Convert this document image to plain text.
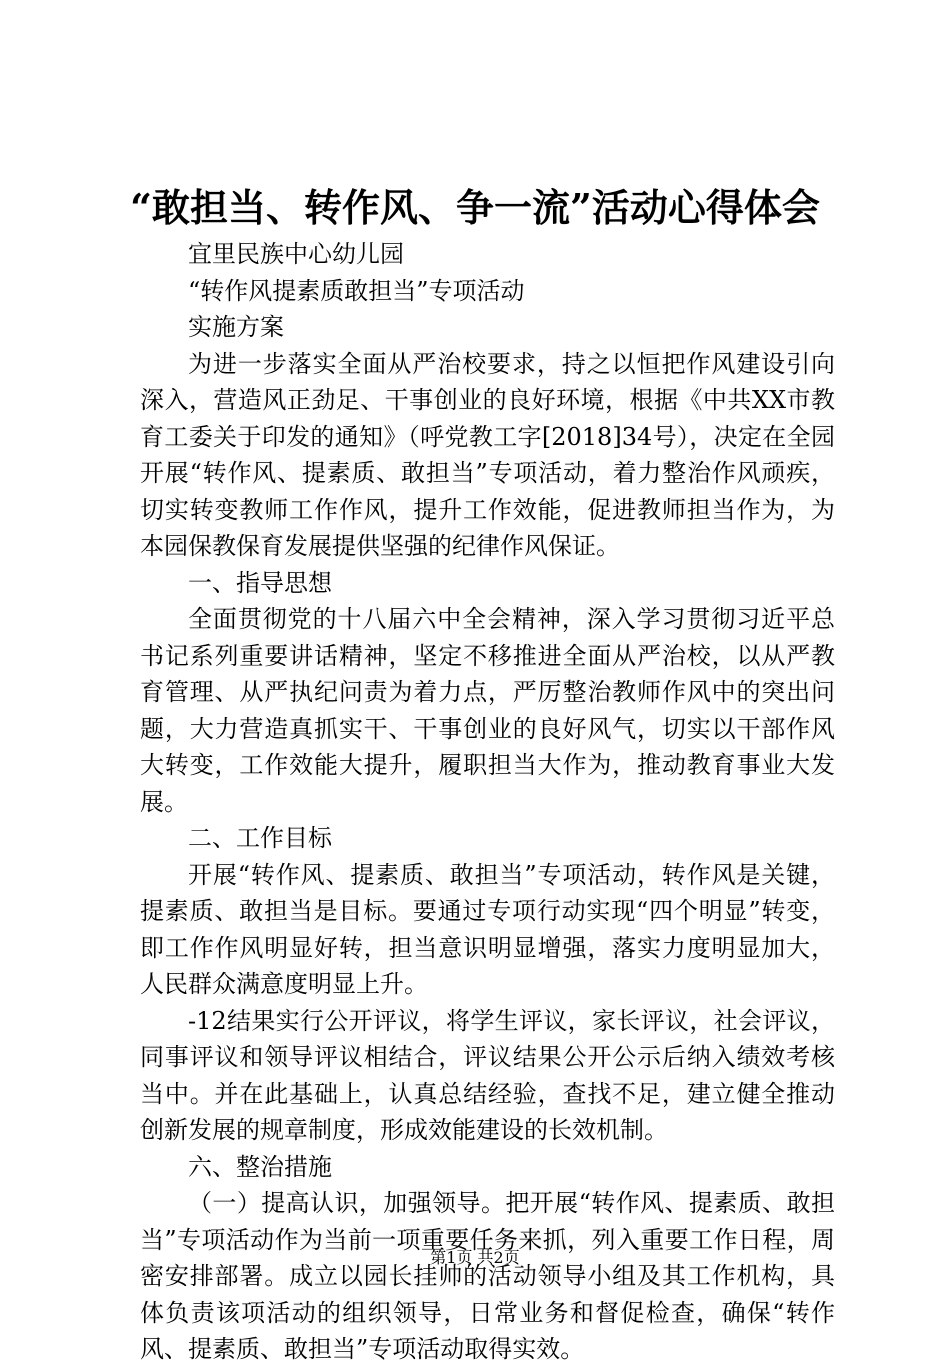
“敢担当、转作风、争一流”活动心得体会

宜里民族中心幼儿园

“转作风提素质敢担当”专项活动

实施方案

为进一步落实全面从严治校要求，持之以恒把作风建设引向深入，营造风正劲足、干事创业的良好环境，根据《中共XX市教育工委关于印发的通知》（呼党教工字[2018]34号），决定在全园开展“转作风、提素质、敢担当”专项活动，着力整治作风顽疾，切实转变教师工作作风，提升工作效能，促进教师担当作为，为本园保教保育发展提供坚强的纪律作风保证。

一、指导思想

全面贯彻党的十八届六中全会精神，深入学习贯彻习近平总书记系列重要讲话精神，坚定不移推进全面从严治校，以从严教育管理、从严执纪问责为着力点，严厉整治教师作风中的突出问题，大力营造真抓实干、干事创业的良好风气，切实以干部作风大转变，工作效能大提升，履职担当大作为，推动教育事业大发展。

二、工作目标

开展“转作风、提素质、敢担当”专项活动，转作风是关键，提素质、敢担当是目标。要通过专项行动实现“四个明显”转变，即工作作风明显好转，担当意识明显增强，落实力度明显加大，人民群众满意度明显上升。

-12结果实行公开评议，将学生评议，家长评议，社会评议，同事评议和领导评议相结合，评议结果公开公示后纳入绩效考核当中。并在此基础上，认真总结经验，查找不足，建立健全推动创新发展的规章制度，形成效能建设的长效机制。

六、整治措施

（一）提高认识，加强领导。把开展“转作风、提素质、敢担当”专项活动作为当前一项重要任务来抓，列入重要工作日程，周密安排部署。成立以园长挂帅的活动领导小组及其工作机构，具体负责该项活动的组织领导，日常业务和督促检查，确保“转作风、提素质、敢担当”专项活动取得实效。

第1页 共2页
